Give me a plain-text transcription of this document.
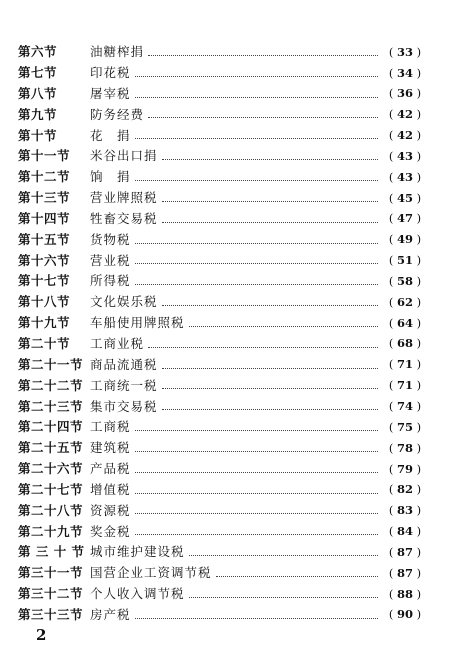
第六节	油糖榨捐	( 33 )
第七节	印花税	( 34 )
第八节	屠宰税	( 36 )
第九节	防务经费	( 42 )
第十节	花　捐	( 42 )
第十一节	米谷出口捐	( 43 )
第十二节	饷　捐	( 43 )
第十三节	营业牌照税	( 45 )
第十四节	牲畜交易税	( 47 )
第十五节	货物税	( 49 )
第十六节	营业税	( 51 )
第十七节	所得税	( 58 )
第十八节	文化娱乐税	( 62 )
第十九节	车船使用牌照税	( 64 )
第二十节	工商业税	( 68 )
第二十一节 商品流通税	( 71 )
第二十二节 工商统一税	( 71 )
第二十三节 集市交易税	( 74 )
第二十四节 工商税	( 75 )
第二十五节 建筑税	( 78 )
第二十六节 产品税	( 79 )
第二十七节 增值税	( 82 )
第二十八节 资源税	( 83 )
第二十九节 奖金税	( 84 )
第 三 十 节 城市维护建设税	( 87 )
第三十一节 国营企业工资调节税	( 87 )
第三十二节 个人收入调节税	( 88 )
第三十三节 房产税	( 90 )
2
